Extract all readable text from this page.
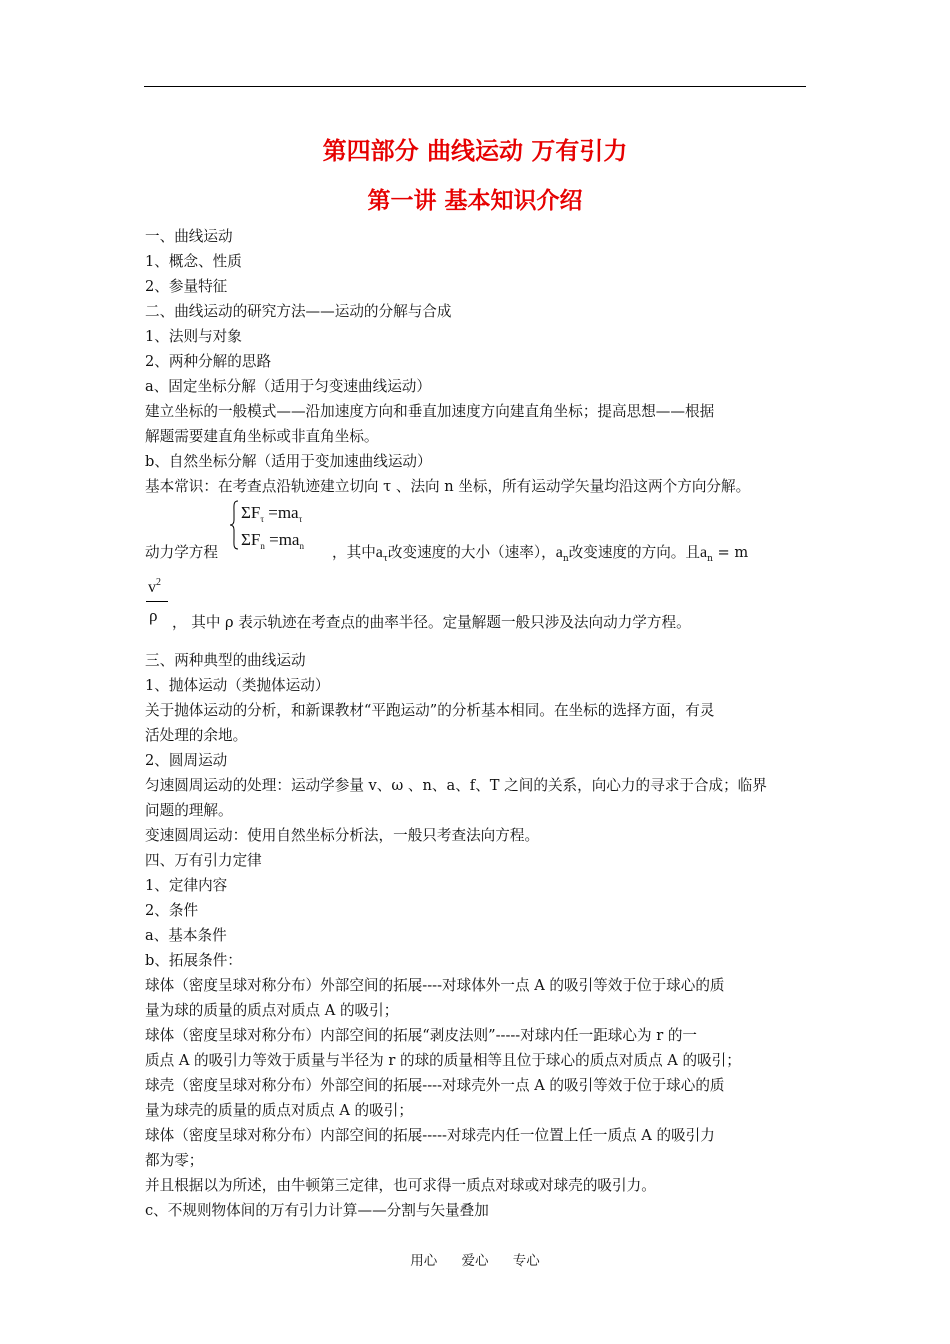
第四部分 曲线运动 万有引力
第一讲 基本知识介绍
一、曲线运动
1、概念、性质
2、参量特征
二、曲线运动的研究方法——运动的分解与合成
1、法则与对象
2、两种分解的思路
a、固定坐标分解（适用于匀变速曲线运动）
建立坐标的一般模式——沿加速度方向和垂直加速度方向建直角坐标；提高思想——根据
解题需要建直角坐标或非直角坐标。
b、自然坐标分解（适用于变加速曲线运动）
基本常识：在考查点沿轨迹建立切向 τ 、法向 n 坐标，所有运动学矢量均沿这两个方向分解。
$\Sigma F_\tau =ma_\tau$
$\Sigma F_n =ma_n$
动力学方程	，其中$a_\tau$改变速度的大小（速率），$a_n$改变速度的方向。且$a_n = m$
$v^2$
ρ ， 其中 ρ 表示轨迹在考查点的曲率半径。定量解题一般只涉及法向动力学方程。
三、两种典型的曲线运动
1、抛体运动（类抛体运动）
关于抛体运动的分析，和新课教材“平跑运动”的分析基本相同。在坐标的选择方面，有灵
活处理的余地。
2、圆周运动
匀速圆周运动的处理：运动学参量 v、ω 、n、a、f、T 之间的关系，向心力的寻求于合成；临界
问题的理解。
变速圆周运动：使用自然坐标分析法，一般只考查法向方程。
四、万有引力定律
1、定律内容
2、条件
a、基本条件
b、拓展条件：
球体（密度呈球对称分布）外部空间的拓展----对球体外一点 A 的吸引等效于位于球心的质
量为球的质量的质点对质点 A 的吸引；
球体（密度呈球对称分布）内部空间的拓展“剥皮法则”-----对球内任一距球心为 r 的一
质点 A 的吸引力等效于质量与半径为 r 的球的质量相等且位于球心的质点对质点 A 的吸引；
球壳（密度呈球对称分布）外部空间的拓展----对球壳外一点 A 的吸引等效于位于球心的质
量为球壳的质量的质点对质点 A 的吸引；
球体（密度呈球对称分布）内部空间的拓展-----对球壳内任一位置上任一质点 A 的吸引力
都为零；
并且根据以为所述，由牛顿第三定律，也可求得一质点对球或对球壳的吸引力。
c、不规则物体间的万有引力计算——分割与矢量叠加
用心 爱心 专心
